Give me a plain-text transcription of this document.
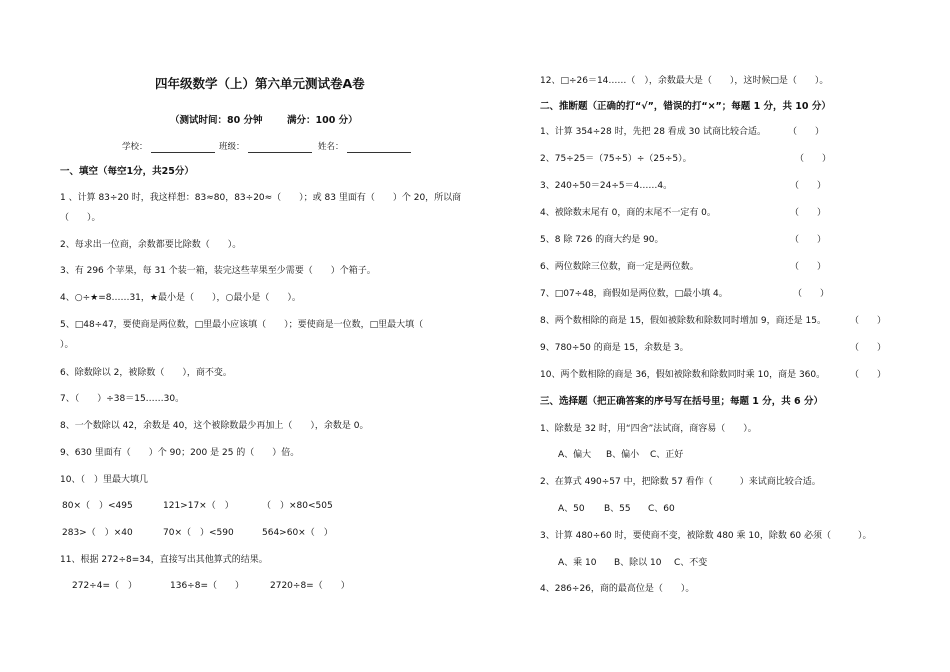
四年级数学（上）第六单元测试卷A卷
（测试时间：80 分钟	满分：100 分）
学校：	班级：	姓名：
一、填空（每空1分，共25分）
1 、计算 83÷20 时，我这样想：83≈80，83÷20≈（　　）；或 83 里面有（　　）个 20，所以商
（　　）。
2、每求出一位商，余数都要比除数（　　）。
3、有 296 个苹果，每 31 个装一箱，装完这些苹果至少需要（　　）个箱子。
4、○÷★=8……31，★最小是（　　），○最小是（　　）。
5、□48÷47，要使商是两位数，□里最小应该填（　　）；要使商是一位数，□里最大填（
）。
6、除数除以 2，被除数（　　），商不变。
7、（　　）÷38＝15……30。
8、一个数除以 42，余数是 40，这个被除数最少再加上（　　），余数是 0。
9、630 里面有（　　）个 90；200 是 25 的（　　）倍。
10、（　）里最大填几
80×（　）<495	121>17×（　）	（　）×80<505
283>（　）×40	70×（　）<590	564>60×（　）
11、根据 272÷8=34，直接写出其他算式的结果。
272÷4=（　）	136÷8=（　　）	2720÷8=（　　）
12、□÷26＝14……（　），余数最大是（　　），这时候□是（　　）。
二、推断题（正确的打“√”，错误的打“×”；每题 1 分，共 10 分）
1、计算 354÷28 时，先把 28 看成 30 试商比较合适。 （　　）
2、75÷25＝（75÷5）÷（25÷5）。	（　　）
3、240÷50＝24÷5＝4……4。	（　　）
4、被除数末尾有 0，商的末尾不一定有 0。	（　　）
5、8 除 726 的商大约是 90。	（　　）
6、两位数除三位数，商一定是两位数。	（　　）
7、□07÷48，商假如是两位数，□最小填 4。	（　　）
8、两个数相除的商是 15，假如被除数和除数同时增加 9，商还是 15。	（　　）
9、780÷50 的商是 15，余数是 3。	（　　）
10、两个数相除的商是 36，假如被除数和除数同时乘 10，商是 360。	（　　）
三、选择题（把正确答案的序号写在括号里；每题 1 分，共 6 分）
1、除数是 32 时，用“四舍”法试商，商容易（　　）。
A、偏大 B、偏小 C、正好
2、在算式 490÷57 中，把除数 57 看作（　　　）来试商比较合适。
A、50 B、55 C、60
3、计算 480÷60 时，要使商不变，被除数 480 乘 10，除数 60 必须（　　　）。
A、乘 10 B、除以 10 C、不变
4、286÷26，商的最高位是（　　）。
